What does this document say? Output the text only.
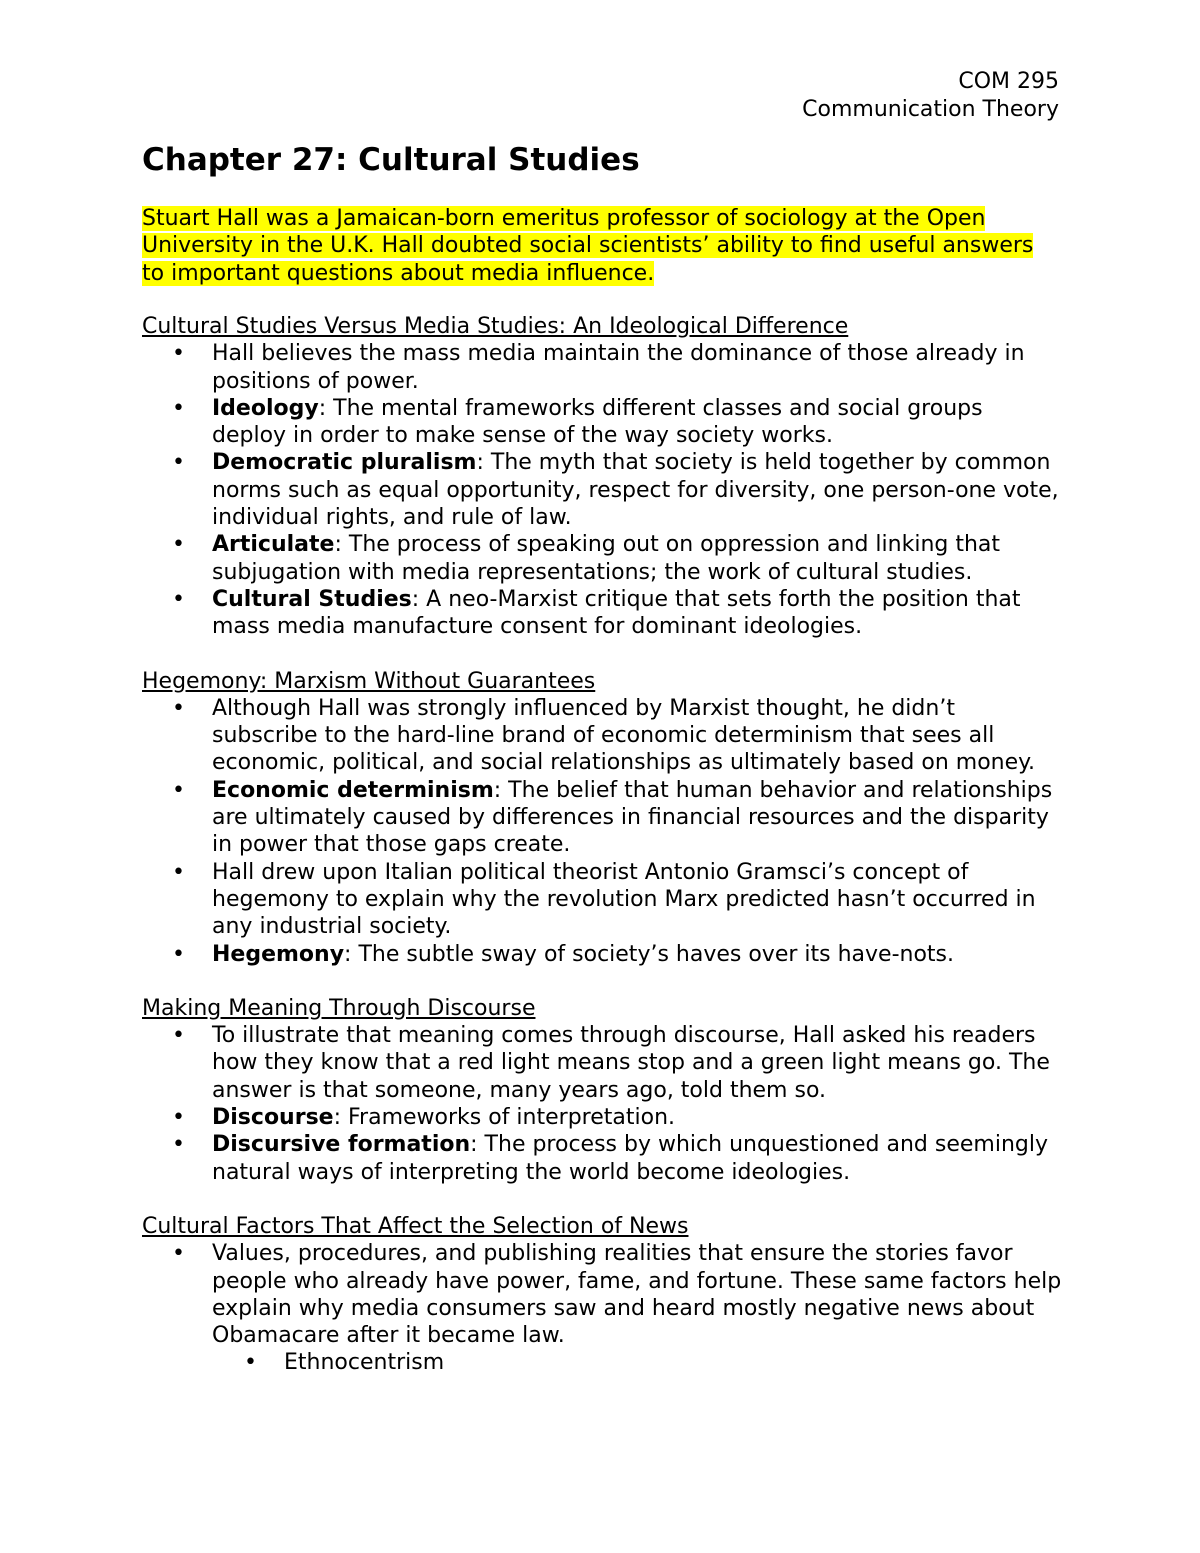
COM 295
Communication Theory
Chapter 27: Cultural Studies

Stuart Hall was a Jamaican-born emeritus professor of sociology at the Open University in the U.K. Hall doubted social scientists’ ability to find useful answers to important questions about media influence.

Cultural Studies Versus Media Studies: An Ideological Difference

• Hall believes the mass media maintain the dominance of those already in positions of power.
• Ideology: The mental frameworks different classes and social groups deploy in order to make sense of the way society works.
• Democratic pluralism: The myth that society is held together by common norms such as equal opportunity, respect for diversity, one person-one vote, individual rights, and rule of law.
• Articulate: The process of speaking out on oppression and linking that subjugation with media representations; the work of cultural studies.
• Cultural Studies: A neo-Marxist critique that sets forth the position that mass media manufacture consent for dominant ideologies.

Hegemony: Marxism Without Guarantees

• Although Hall was strongly influenced by Marxist thought, he didn’t subscribe to the hard-line brand of economic determinism that sees all economic, political, and social relationships as ultimately based on money.
• Economic determinism: The belief that human behavior and relationships are ultimately caused by differences in financial resources and the disparity in power that those gaps create.
• Hall drew upon Italian political theorist Antonio Gramsci’s concept of hegemony to explain why the revolution Marx predicted hasn’t occurred in any industrial society.
• Hegemony: The subtle sway of society’s haves over its have-nots.

Making Meaning Through Discourse

• To illustrate that meaning comes through discourse, Hall asked his readers how they know that a red light means stop and a green light means go. The answer is that someone, many years ago, told them so.
• Discourse: Frameworks of interpretation.
• Discursive formation: The process by which unquestioned and seemingly natural ways of interpreting the world become ideologies.

Cultural Factors That Affect the Selection of News

• Values, procedures, and publishing realities that ensure the stories favor people who already have power, fame, and fortune. These same factors help explain why media consumers saw and heard mostly negative news about Obamacare after it became law.
• Ethnocentrism
